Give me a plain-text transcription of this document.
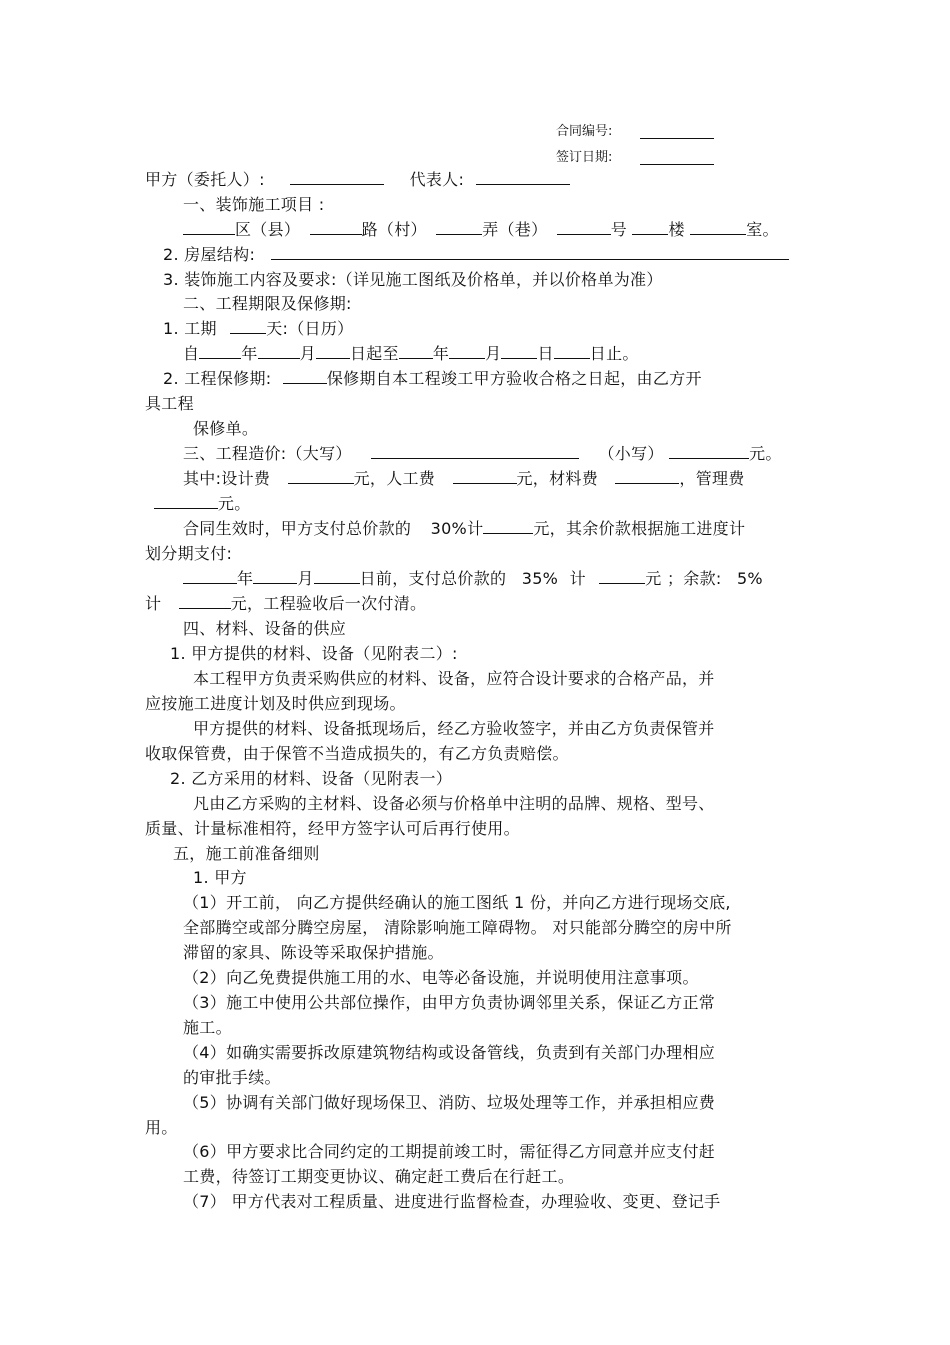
合同编号:
签订日期:
甲方（委托人）:	代表人:
一、装饰施工项目 :
区（县）	路（村）	弄（巷）	号	楼	室。
2. 房屋结构:
3. 装饰施工内容及要求:（详见施工图纸及价格单，并以价格单为准）
二、工程期限及保修期:
1. 工期	天:（日历）
自	年	月 日起至 年 月 日 日止。
2. 工程保修期:	保修期自本工程竣工甲方验收合格之日起，由乙方开
具工程
保修单。
三、工程造价:（大写）	（小写）	元。
其中:设计费	元，人工费	元，材料费	，管理费
元。
合同生效时，甲方支付总价款的 30%计	元，其余价款根据施工进度计
划分期支付:
年	月	日前，支付总价款的 35% 计	元 ；余款: 5%
计	元，工程验收后一次付清。
四、材料、设备的供应
1. 甲方提供的材料、设备（见附表二）:
本工程甲方负责采购供应的材料、设备，应符合设计要求的合格产品，并
应按施工进度计划及时供应到现场。
甲方提供的材料、设备抵现场后，经乙方验收签字，并由乙方负责保管并
收取保管费，由于保管不当造成损失的，有乙方负责赔偿。
2. 乙方采用的材料、设备（见附表一）
凡由乙方采购的主材料、设备必须与价格单中注明的品牌、规格、型号、
质量、计量标准相符，经甲方签字认可后再行使用。
五，施工前准备细则
1. 甲方
（1）开工前， 向乙方提供经确认的施工图纸 1 份，并向乙方进行现场交底,
全部腾空或部分腾空房屋， 清除影响施工障碍物。 对只能部分腾空的房中所
滞留的家具、陈设等采取保护措施。
（2）向乙免费提供施工用的水、电等必备设施，并说明使用注意事项。
（3）施工中使用公共部位操作，由甲方负责协调邻里关系，保证乙方正常
施工。
（4）如确实需要拆改原建筑物结构或设备管线，负责到有关部门办理相应
的审批手续。
（5）协调有关部门做好现场保卫、消防、垃圾处理等工作，并承担相应费
用。
（6）甲方要求比合同约定的工期提前竣工时，需征得乙方同意并应支付赶
工费，待签订工期变更协议、确定赶工费后在行赶工。
（7） 甲方代表对工程质量、进度进行监督检查，办理验收、变更、登记手
